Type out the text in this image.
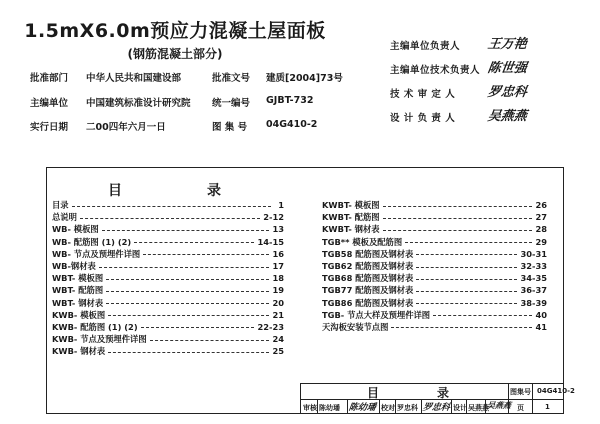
1.5mX6.0m预应力混凝土屋面板
(钢筋混凝土部分)
批准部门 中华人民共和国建设部	批准文号 建质[2004]73号
主编单位 中国建筑标准设计研究院 统一编号 GJBT-732
实行日期 二00四年六月一日	图 集 号 04G410-2
主编单位负责人 王万艳
主编单位技术负责人 陈世强
技 术 审 定 人 罗忠科
设 计 负 责 人 吴燕燕
目	录
目录	1
总说明	2-12
WB- 模板图	13
WB- 配筋图 (1) (2)	14-15
WB- 节点及预埋件详图	16
WB-钢材表	17
WBT- 模板图	18
WBT- 配筋图	19
WBT- 钢材表	20
KWB- 模板图	21
KWB- 配筋图 (1) (2)	22-23
KWB- 节点及预埋件详图	24
KWB- 钢材表	25
KWBT- 模板图	26
KWBT- 配筋图	27
KWBT- 钢材表	28
TGB** 模板及配筋图	29
TGB58 配筋图及钢材表	30-31
TGB62 配筋图及钢材表	32-33
TGB68 配筋图及钢材表	34-35
TGB77 配筋图及钢材表	36-37
TGB86 配筋图及钢材表	38-39
TGB- 节点大样及预埋件详图	40
天沟板安装节点图	41
目	录	图集号 04G410-2
页	1
审核 陈幼璠 陈幼璠 校对 罗忠科 罗忠科 设计 吴燕燕
吴燕燕
